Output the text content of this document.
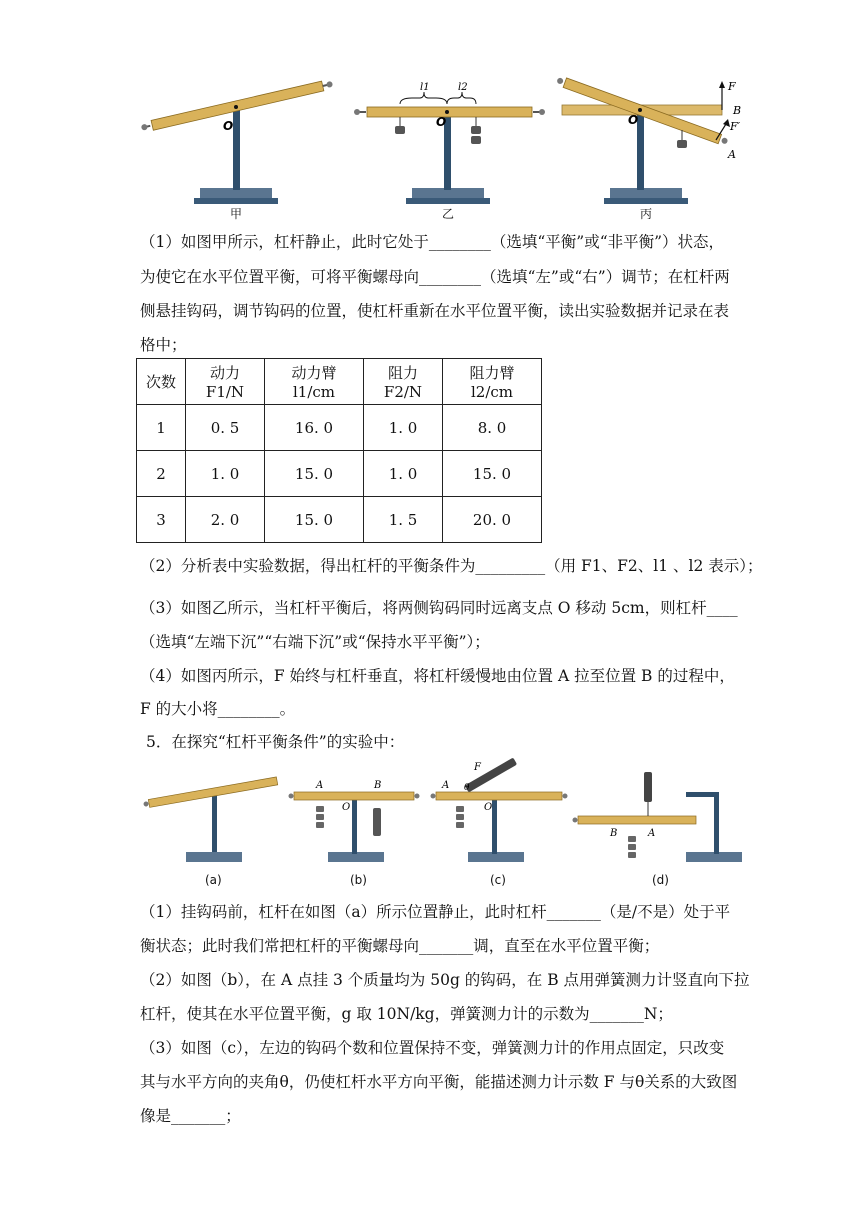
O
甲
l1	l2
O
乙
F
B
F′
A
O
丙
（1）如图甲所示，杠杆静止，此时它处于________（选填“平衡”或“非平衡”）状态，
为使它在水平位置平衡，可将平衡螺母向________（选填“左”或“右”）调节；在杠杆两
侧悬挂钩码，调节钩码的位置，使杠杆重新在水平位置平衡，读出实验数据并记录在表
格中；
次数	动力 F1/N	动力臂 l1/cm	阻力 F2/N	阻力臂 l2/cm
1	0. 5	16. 0	1. 0	8. 0
2	1. 0	15. 0	1. 0	15. 0
3	2. 0	15. 0	1. 5	20. 0
（2）分析表中实验数据，得出杠杆的平衡条件为_________（用 F1、F2、l1 、l2 表示）；
（3）如图乙所示，当杠杆平衡后，将两侧钩码同时远离支点 O 移动 5cm，则杠杆____
（选填“左端下沉”“右端下沉”或“保持水平平衡”）；
（4）如图丙所示，F 始终与杠杆垂直，将杠杆缓慢地由位置 A 拉至位置 B 的过程中，
F 的大小将________。
5．在探究“杠杆平衡条件”的实验中：
(a)
A	B
O
(b)
A
F
θ
O
(c)
B	A
(d)
（1）挂钩码前，杠杆在如图（a）所示位置静止，此时杠杆_______（是/不是）处于平
衡状态；此时我们常把杠杆的平衡螺母向_______调，直至在水平位置平衡；
（2）如图（b），在 A 点挂 3 个质量均为 50g 的钩码，在 B 点用弹簧测力计竖直向下拉
杠杆，使其在水平位置平衡，g 取 10N/kg，弹簧测力计的示数为_______N；
（3）如图（c），左边的钩码个数和位置保持不变，弹簧测力计的作用点固定，只改变
其与水平方向的夹角θ，仍使杠杆水平方向平衡，能描述测力计示数 F 与θ关系的大致图
像是_______；
